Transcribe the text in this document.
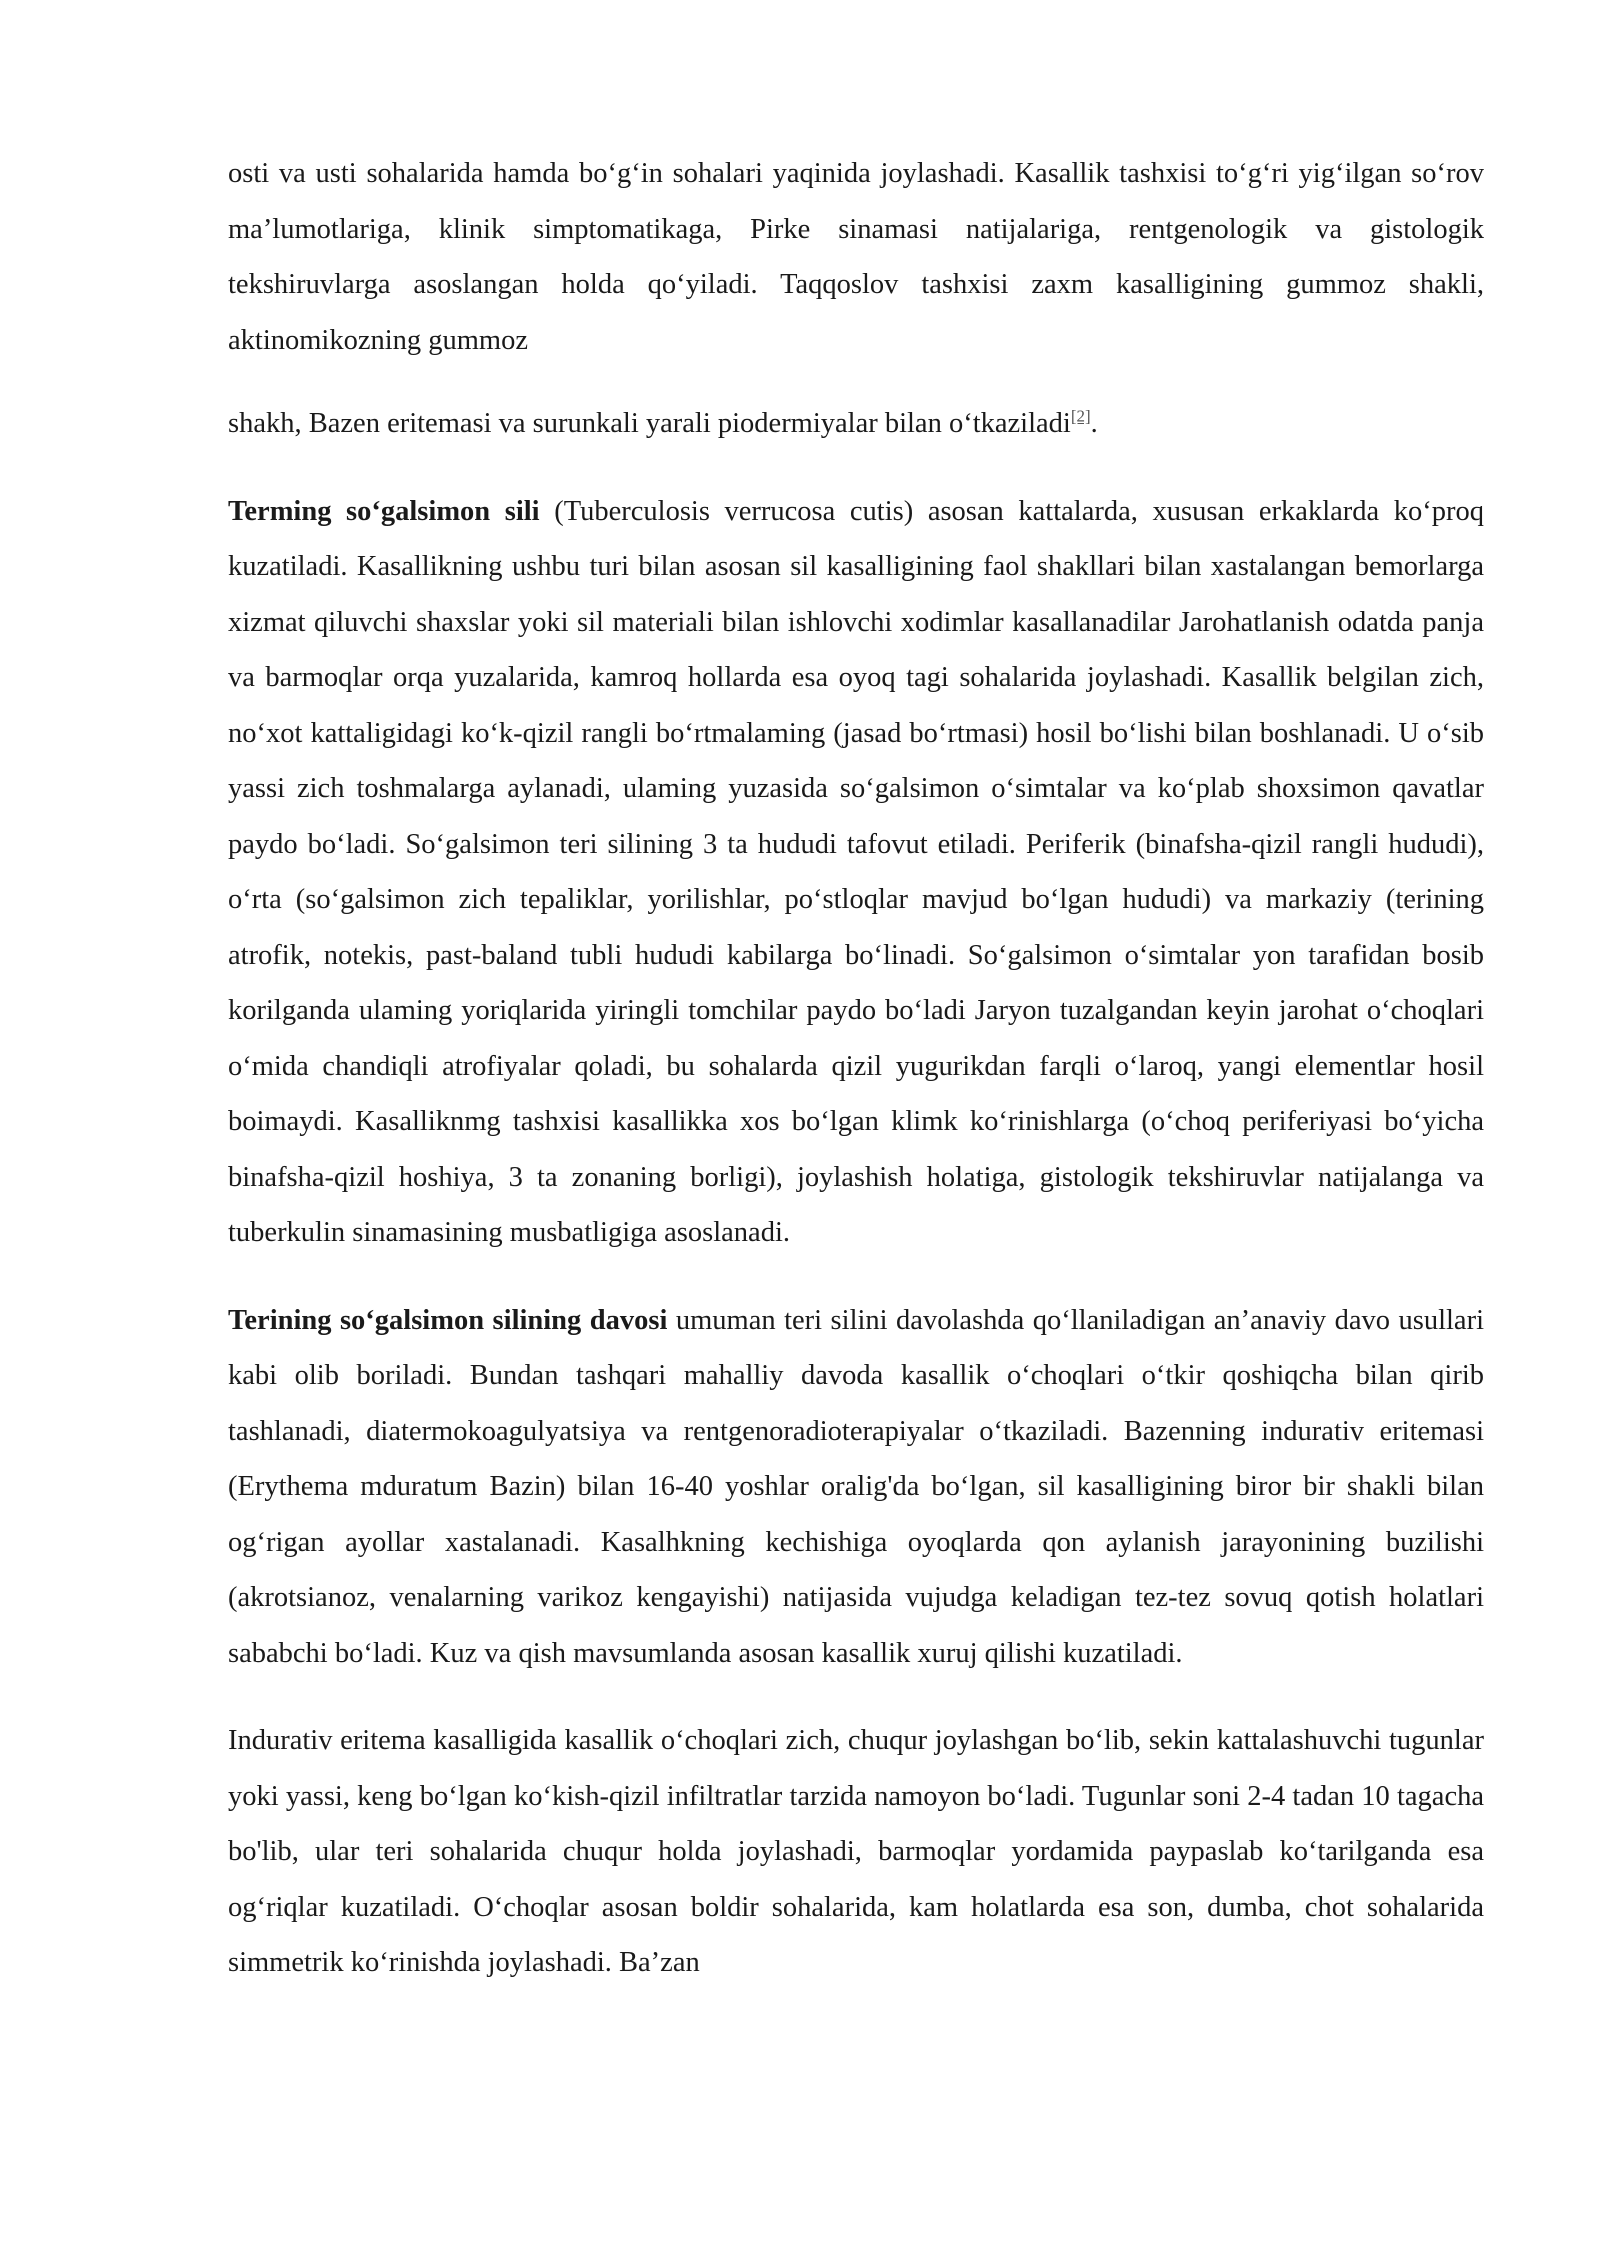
osti va usti sohalarida hamda bo‘g‘in sohalari yaqinida joylashadi. Kasallik tashxisi to‘g‘ri yig‘ilgan so‘rov ma’lumotlariga, klinik simptomatikaga, Pirke sinamasi natijalariga, rentgenologik va gistologik tekshiruvlarga asoslangan holda qo‘yiladi. Taqqoslov tashxisi zaxm kasalligining gummoz shakli, aktinomikozning gummoz

shakh, Bazen eritemasi va surunkali yarali piodermiyalar bilan o‘tkaziladi[2].

Terming so‘galsimon sili (Tuberculosis verrucosa cutis) asosan kattalarda, xususan erkaklarda ko‘proq kuzatiladi. Kasallikning ushbu turi bilan asosan sil kasalligining faol shakllari bilan xastalangan bemorlarga xizmat qiluvchi shaxslar yoki sil materiali bilan ishlovchi xodimlar kasallanadilar Jarohatlanish odatda panja va barmoqlar orqa yuzalarida, kamroq hollarda esa oyoq tagi sohalarida joylashadi. Kasallik belgilan zich, no‘xot kattaligidagi ko‘k-qizil rangli bo‘rtmalaming (jasad bo‘rtmasi) hosil bo‘lishi bilan boshlanadi. U o‘sib yassi zich toshmalarga aylanadi, ulaming yuzasida so‘galsimon o‘simtalar va ko‘plab shoxsimon qavatlar paydo bo‘ladi. So‘galsimon teri silining 3 ta hududi tafovut etiladi. Periferik (binafsha-qizil rangli hududi), o‘rta (so‘galsimon zich tepaliklar, yorilishlar, po‘stloqlar mavjud bo‘lgan hududi) va markaziy (terining atrofik, notekis, past-baland tubli hududi kabilarga bo‘linadi. So‘galsimon o‘simtalar yon tarafidan bosib korilganda ulaming yoriqlarida yiringli tomchilar paydo bo‘ladi Jaryon tuzalgandan keyin jarohat o‘choqlari o‘mida chandiqli atrofiyalar qoladi, bu sohalarda qizil yugurikdan farqli o‘laroq, yangi elementlar hosil boimaydi. Kasalliknmg tashxisi kasallikka xos bo‘lgan klimk ko‘rinishlarga (o‘choq periferiyasi bo‘yicha binafsha-qizil hoshiya, 3 ta zonaning borligi), joylashish holatiga, gistologik tekshiruvlar natijalanga va tuberkulin sinamasining musbatligiga asoslanadi.

Terining so‘galsimon silining davosi umuman teri silini davolashda qo‘llaniladigan an’anaviy davo usullari kabi olib boriladi. Bundan tashqari mahalliy davoda kasallik o‘choqlari o‘tkir qoshiqcha bilan qirib tashlanadi, diatermokoagulyatsiya va rentgenoradioterapiyalar o‘tkaziladi. Bazenning indurativ eritemasi (Erythema mduratum Bazin) bilan 16-40 yoshlar oralig'da bo‘lgan, sil kasalligining biror bir shakli bilan og‘rigan ayollar xastalanadi. Kasalhkning kechishiga oyoqlarda qon aylanish jarayonining buzilishi (akrotsianoz, venalarning varikoz kengayishi) natijasida vujudga keladigan tez-tez sovuq qotish holatlari sababchi bo‘ladi. Kuz va qish mavsumlanda asosan kasallik xuruj qilishi kuzatiladi.

Indurativ eritema kasalligida kasallik o‘choqlari zich, chuqur joylashgan bo‘lib, sekin kattalashuvchi tugunlar yoki yassi, keng bo‘lgan ko‘kish-qizil infiltratlar tarzida namoyon bo‘ladi. Tugunlar soni 2-4 tadan 10 tagacha bo'lib, ular teri sohalarida chuqur holda joylashadi, barmoqlar yordamida paypaslab ko‘tarilganda esa og‘riqlar kuzatiladi. O‘choqlar asosan boldir sohalarida, kam holatlarda esa son, dumba, chot sohalarida simmetrik ko‘rinishda joylashadi. Ba’zan
